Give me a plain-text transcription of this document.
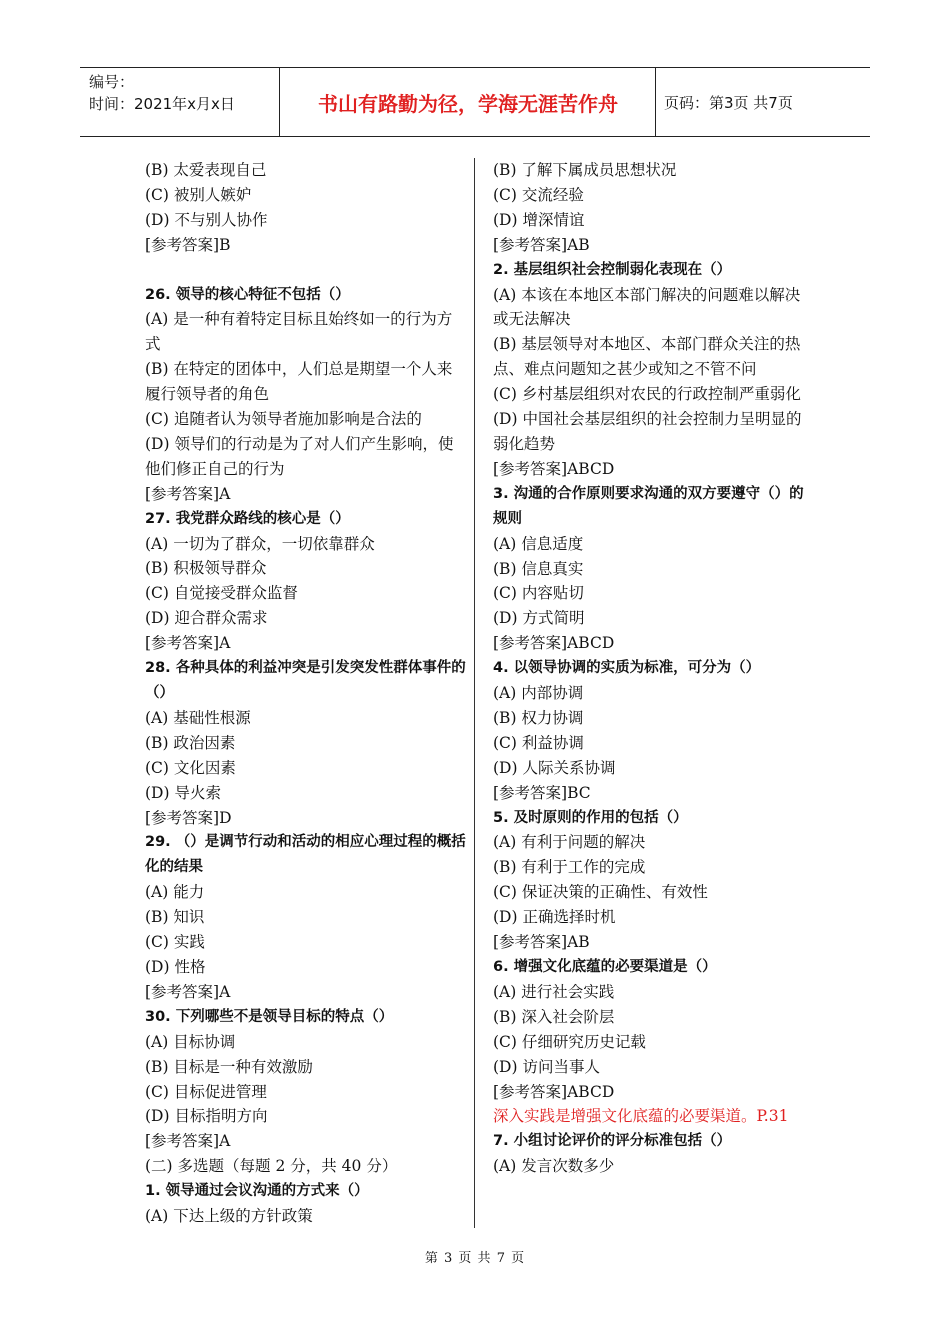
编号：
时间：2021年x月x日	书山有路勤为径，学海无涯苦作舟	页码：第3页 共7页
(B) 太爱表现自己
(C) 被别人嫉妒
(D) 不与别人协作
[参考答案]B
26. 领导的核心特征不包括（）
(A) 是一种有着特定目标且始终如一的行为方式
(B) 在特定的团体中，人们总是期望一个人来履行领导者的角色
(C) 追随者认为领导者施加影响是合法的
(D) 领导们的行动是为了对人们产生影响，使他们修正自己的行为
[参考答案]A
27. 我党群众路线的核心是（）
(A) 一切为了群众，一切依靠群众
(B) 积极领导群众
(C) 自觉接受群众监督
(D) 迎合群众需求
[参考答案]A
28. 各种具体的利益冲突是引发突发性群体事件的（）
(A) 基础性根源
(B) 政治因素
(C) 文化因素
(D) 导火索
[参考答案]D
29. （）是调节行动和活动的相应心理过程的概括化的结果
(A) 能力
(B) 知识
(C) 实践
(D) 性格
[参考答案]A
30. 下列哪些不是领导目标的特点（）
(A) 目标协调
(B) 目标是一种有效激励
(C) 目标促进管理
(D) 目标指明方向
[参考答案]A
(二) 多选题（每题 2 分，共 40 分）
1. 领导通过会议沟通的方式来（）
(A) 下达上级的方针政策
(B) 了解下属成员思想状况
(C) 交流经验
(D) 增深情谊
[参考答案]AB
2. 基层组织社会控制弱化表现在（）
(A) 本该在本地区本部门解决的问题难以解决或无法解决
(B) 基层领导对本地区、本部门群众关注的热点、难点问题知之甚少或知之不管不问
(C) 乡村基层组织对农民的行政控制严重弱化
(D) 中国社会基层组织的社会控制力呈明显的弱化趋势
[参考答案]ABCD
3. 沟通的合作原则要求沟通的双方要遵守（）的规则
(A) 信息适度
(B) 信息真实
(C) 内容贴切
(D) 方式简明
[参考答案]ABCD
4. 以领导协调的实质为标准，可分为（）
(A) 内部协调
(B) 权力协调
(C) 利益协调
(D) 人际关系协调
[参考答案]BC
5. 及时原则的作用的包括（）
(A) 有利于问题的解决
(B) 有利于工作的完成
(C) 保证决策的正确性、有效性
(D) 正确选择时机
[参考答案]AB
6. 增强文化底蕴的必要渠道是（）
(A) 进行社会实践
(B) 深入社会阶层
(C) 仔细研究历史记载
(D) 访问当事人
[参考答案]ABCD
深入实践是增强文化底蕴的必要渠道。P.31
7. 小组讨论评价的评分标准包括（）
(A) 发言次数多少
第 3 页 共 7 页
